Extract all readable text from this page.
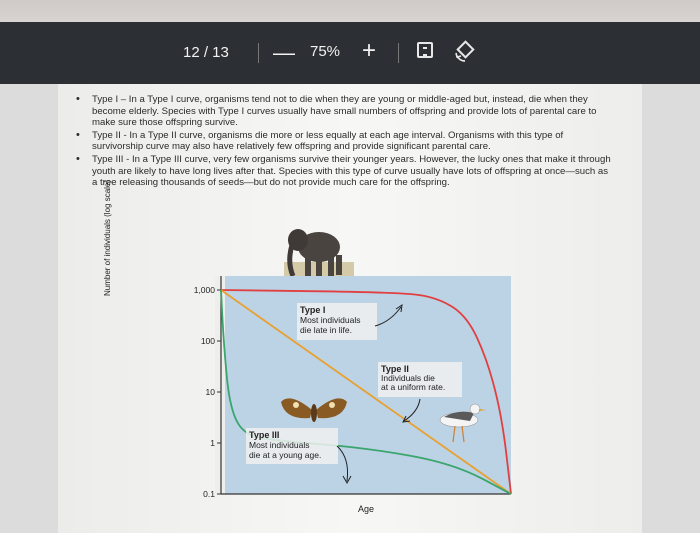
12 / 13 — 75% +
• Type I – In a Type I curve, organisms tend not to die when they are young or middle-aged but, instead, die when they become elderly. Species with Type I curves usually have small numbers of offspring and provide lots of parental care to make sure those offspring survive.
• Type II - In a Type II curve, organisms die more or less equally at each age interval. Organisms with this type of survivorship curve may also have relatively few offspring and provide significant parental care.
• Type III - In a Type III curve, very few organisms survive their younger years. However, the lucky ones that make it through youth are likely to have long lives after that. Species with this type of curve usually have lots of offspring at once—such as a tree releasing thousands of seeds—but do not provide much care for the offspring.
1,000
100
10
1
0.1
Type I
Most individuals
die late in life.
Type II
Individuals die
at a uniform rate.
Type III
Most individuals
die at a young age.
Age
Number of individuals (log scale)
